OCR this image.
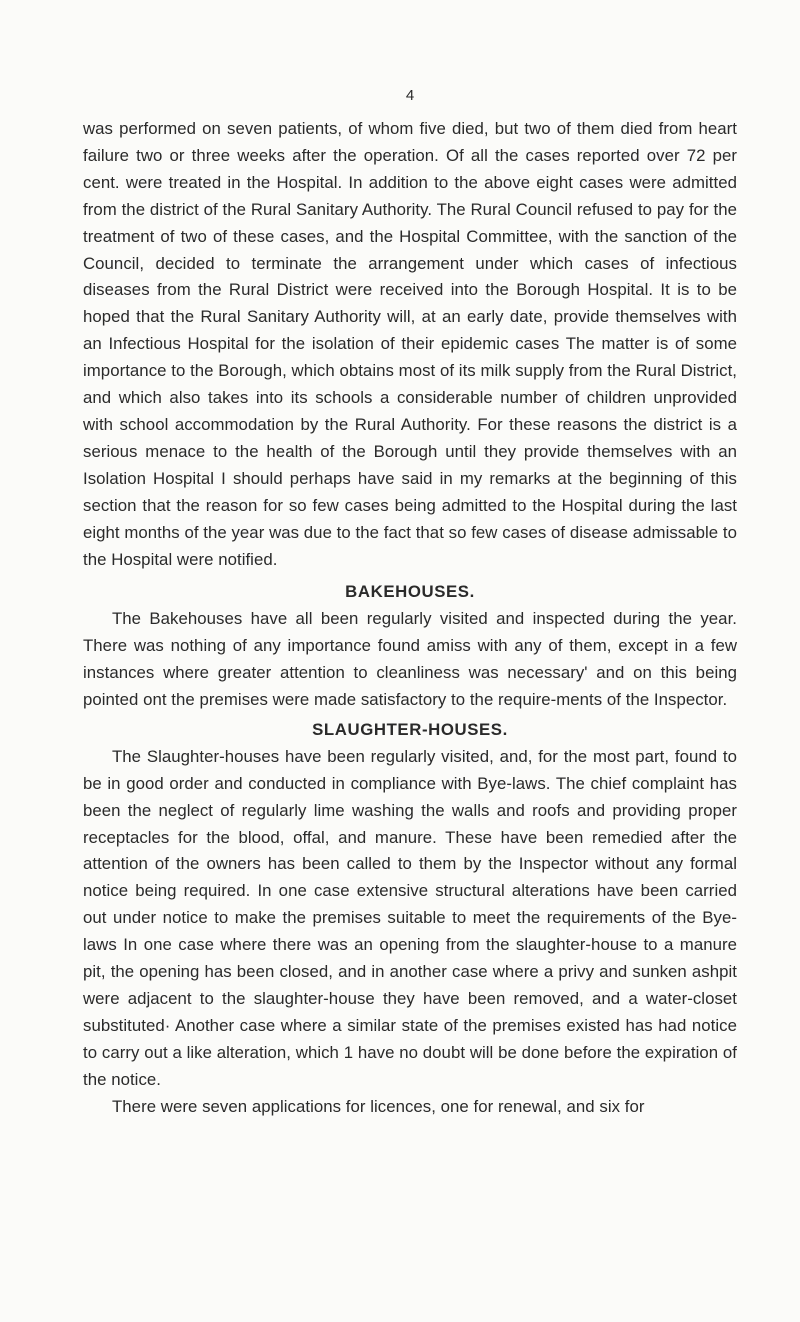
4

was performed on seven patients, of whom five died, but two of them died from heart failure two or three weeks after the operation. Of all the cases reported over 72 per cent. were treated in the Hospital. In addition to the above eight cases were admitted from the district of the Rural Sanitary Authority. The Rural Council refused to pay for the treatment of two of these cases, and the Hospital Committee, with the sanction of the Council, decided to terminate the arrangement under which cases of infectious diseases from the Rural District were received into the Borough Hospital. It is to be hoped that the Rural Sanitary Authority will, at an early date, provide themselves with an Infectious Hospital for the isolation of their epidemic cases The matter is of some importance to the Borough, which obtains most of its milk supply from the Rural District, and which also takes into its schools a considerable number of children unprovided with school accommodation by the Rural Authority. For these reasons the district is a serious menace to the health of the Borough until they provide themselves with an Isolation Hospital I should perhaps have said in my remarks at the beginning of this section that the reason for so few cases being admitted to the Hospital during the last eight months of the year was due to the fact that so few cases of disease admissable to the Hospital were notified.

BAKEHOUSES.

The Bakehouses have all been regularly visited and inspected during the year. There was nothing of any importance found amiss with any of them, except in a few instances where greater attention to cleanliness was necessary' and on this being pointed ont the premises were made satisfactory to the require-ments of the Inspector.

SLAUGHTER-HOUSES.

The Slaughter-houses have been regularly visited, and, for the most part, found to be in good order and conducted in compliance with Bye-laws. The chief complaint has been the neglect of regularly lime washing the walls and roofs and providing proper receptacles for the blood, offal, and manure. These have been remedied after the attention of the owners has been called to them by the Inspector without any formal notice being required. In one case extensive structural alterations have been carried out under notice to make the premises suitable to meet the requirements of the Bye-laws In one case where there was an opening from the slaughter-house to a manure pit, the opening has been closed, and in another case where a privy and sunken ashpit were adjacent to the slaughter-house they have been removed, and a water-closet substituted· Another case where a similar state of the premises existed has had notice to carry out a like alteration, which 1 have no doubt will be done before the expiration of the notice.

There were seven applications for licences, one for renewal, and six for
